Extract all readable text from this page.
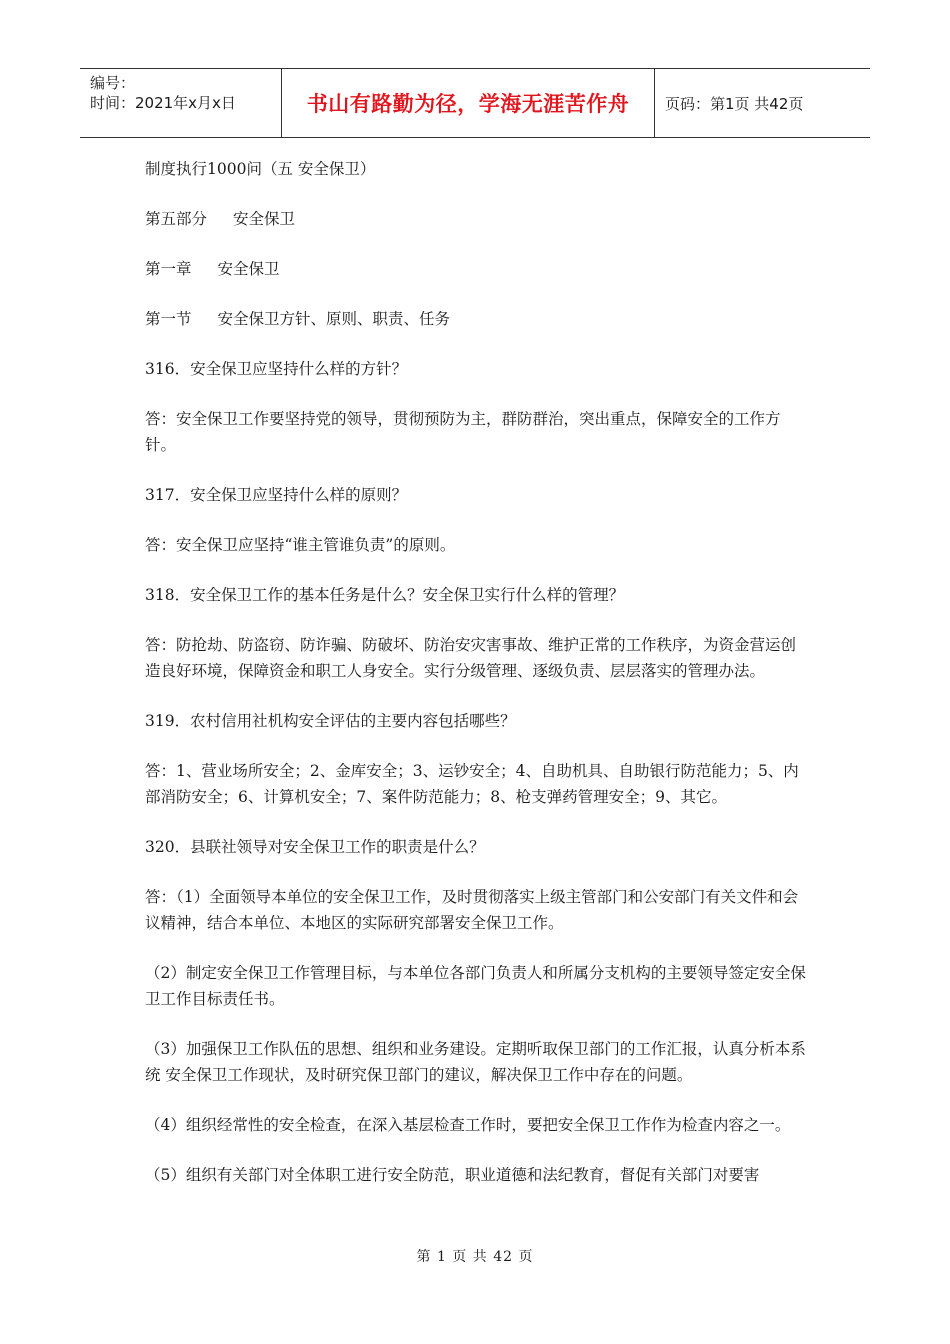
编号：
时间：2021年x月x日	书山有路勤为径，学海无涯苦作舟	页码：第1页 共42页

制度执行1000问（五 安全保卫）

第五部分 安全保卫

第一章 安全保卫

第一节 安全保卫方针、原则、职责、任务

316．安全保卫应坚持什么样的方针？

答：安全保卫工作要坚持党的领导，贯彻预防为主，群防群治，突出重点，保障安全的工作方针。

317．安全保卫应坚持什么样的原则？

答：安全保卫应坚持“谁主管谁负责”的原则。

318．安全保卫工作的基本任务是什么？安全保卫实行什么样的管理？

答：防抢劫、防盗窃、防诈骗、防破坏、防治安灾害事故、维护正常的工作秩序，为资金营运创造良好环境，保障资金和职工人身安全。实行分级管理、逐级负责、层层落实的管理办法。

319．农村信用社机构安全评估的主要内容包括哪些？

答：1、营业场所安全；2、金库安全；3、运钞安全；4、自助机具、自助银行防范能力；5、内部消防安全；6、计算机安全；7、案件防范能力；8、枪支弹药管理安全；9、其它。

320．县联社领导对安全保卫工作的职责是什么？

答：（1）全面领导本单位的安全保卫工作，及时贯彻落实上级主管部门和公安部门有关文件和会议精神，结合本单位、本地区的实际研究部署安全保卫工作。

（2）制定安全保卫工作管理目标，与本单位各部门负责人和所属分支机构的主要领导签定安全保卫工作目标责任书。

（3）加强保卫工作队伍的思想、组织和业务建设。定期听取保卫部门的工作汇报，认真分析本系统 安全保卫工作现状，及时研究保卫部门的建议，解决保卫工作中存在的问题。

（4）组织经常性的安全检查，在深入基层检查工作时，要把安全保卫工作作为检查内容之一。

（5）组织有关部门对全体职工进行安全防范，职业道德和法纪教育，督促有关部门对要害

第 1 页 共 42 页
